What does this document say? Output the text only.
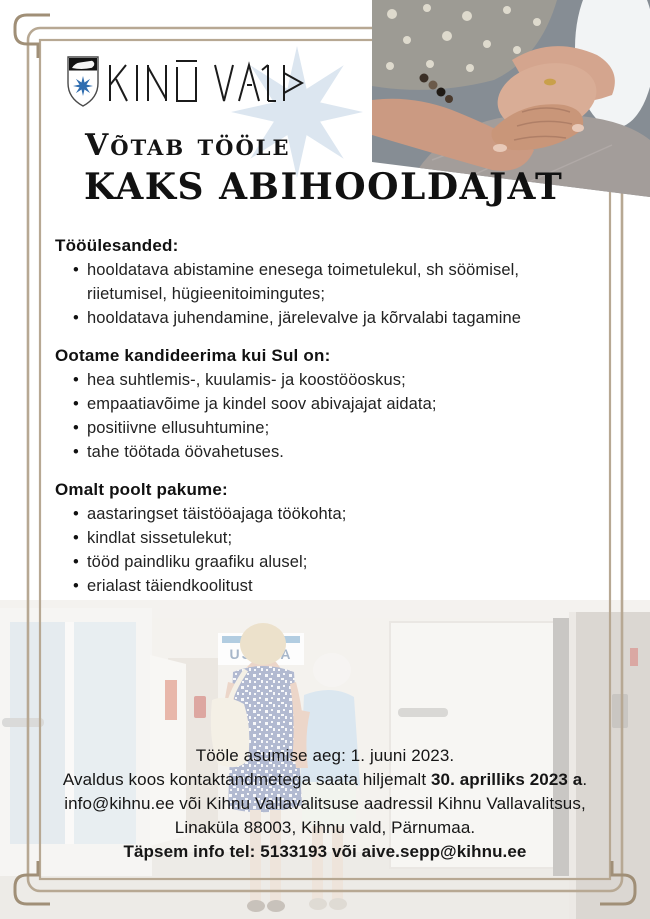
Võtab tööle
KAKS ABIHOOLDAJAT
Tööülesanded:
• hooldatava abistamine enesega toimetulekul, sh söömisel, riietumisel, hügieenitoimingutes;
• hooldatava juhendamine, järelevalve ja kõrvalabi tagamine
Ootame kandideerima kui Sul on:
• hea suhtlemis-, kuulamis- ja koostööoskus;
• empaatiavõime ja kindel soov abivajajat aidata;
• positiivne ellusuhtumine;
• tahe töötada öövahetuses.
Omalt poolt pakume:
• aastaringset täistööajaga töökohta;
• kindlat sissetulekut;
• tööd paindliku graafiku alusel;
• erialast täiendkoolitust
Tööle asumise aeg: 1. juuni 2023.
Avaldus koos kontaktandmetega saata hiljemalt 30. aprilliks 2023 a.
info@kihnu.ee või Kihnu Vallavalitsuse aadressil Kihnu Vallavalitsus,
Linaküla 88003, Kihnu vald, Pärnumaa.
Täpsem info tel: 5133193 või aive.sepp@kihnu.ee
